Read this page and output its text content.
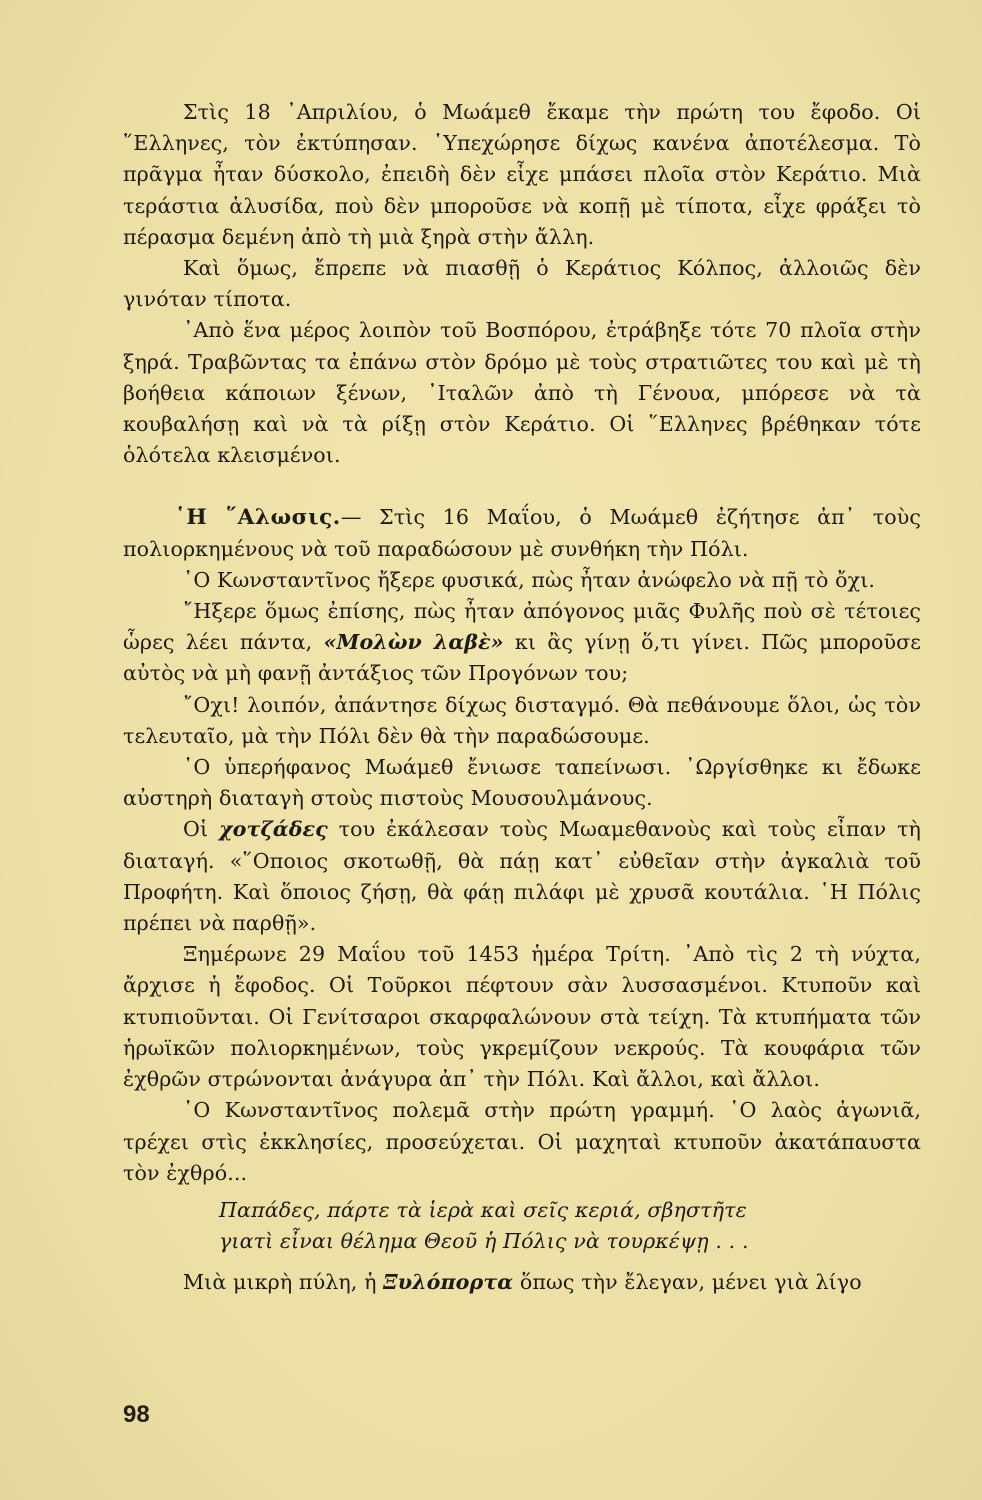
Στὶς 18 ᾿Απριλίου, ὁ Μωάμεθ ἔκαμε τὴν πρώτη του ἔφοδο. Οἱ ῞Ελληνες, τὸν ἐκτύπησαν. ῾Υπεχώρησε δίχως κανένα ἀποτέλεσμα. Τὸ πρᾶγμα ἦταν δύσκολο, ἐπειδὴ δὲν εἶχε μπάσει πλοῖα στὸν Κεράτιο. Μιὰ τεράστια ἁλυσίδα, ποὺ δὲν μποροῦσε νὰ κοπῇ μὲ τίποτα, εἶχε φράξει τὸ πέρασμα δεμένη ἀπὸ τὴ μιὰ ξηρὰ στὴν ἄλλη.

Καὶ ὅμως, ἔπρεπε νὰ πιασθῇ ὁ Κεράτιος Κόλπος, ἀλλοιῶς δὲν γινόταν τίποτα.

᾿Απὸ ἕνα μέρος λοιπὸν τοῦ Βοσπόρου, ἐτράβηξε τότε 70 πλοῖα στὴν ξηρά. Τραβῶντας τα ἐπάνω στὸν δρόμο μὲ τοὺς στρατιῶτες του καὶ μὲ τὴ βοήθεια κάποιων ξένων, ᾿Ιταλῶν ἀπὸ τὴ Γένουα, μπόρεσε νὰ τὰ κουβαλήσῃ καὶ νὰ τὰ ρίξῃ στὸν Κεράτιο. Οἱ ῞Ελληνες βρέθηκαν τότε ὁλότελα κλεισμένοι.

῾Η ῞Αλωσις.— Στὶς 16 Μαΐου, ὁ Μωάμεθ ἐζήτησε ἀπ᾿ τοὺς πολιορκημένους νὰ τοῦ παραδώσουν μὲ συνθήκη τὴν Πόλι.

῾Ο Κωνσταντῖνος ἤξερε φυσικά, πὼς ἦταν ἀνώφελο νὰ πῇ τὸ ὄχι.

῎Ηξερε ὅμως ἐπίσης, πὼς ἦταν ἀπόγονος μιᾶς Φυλῆς ποὺ σὲ τέτοιες ὧρες λέει πάντα, «Μολὼν λαβὲ» κι ἂς γίνῃ ὅ,τι γίνει. Πῶς μποροῦσε αὐτὸς νὰ μὴ φανῇ ἀντάξιος τῶν Προγόνων του;

῎Οχι! λοιπόν, ἀπάντησε δίχως δισταγμό. Θὰ πεθάνουμε ὅλοι, ὡς τὸν τελευταῖο, μὰ τὴν Πόλι δὲν θὰ τὴν παραδώσουμε.

῾Ο ὑπερήφανος Μωάμεθ ἔνιωσε ταπείνωσι. ᾿Ωργίσθηκε κι ἔδωκε αὐστηρὴ διαταγὴ στοὺς πιστοὺς Μουσουλμάνους.

Οἱ χοτζάδες του ἐκάλεσαν τοὺς Μωαμεθανοὺς καὶ τοὺς εἶπαν τὴ διαταγή. «῞Οποιος σκοτωθῇ, θὰ πάῃ κατ᾿ εὐθεῖαν στὴν ἀγκαλιὰ τοῦ Προφήτη. Καὶ ὅποιος ζήσῃ, θὰ φάῃ πιλάφι μὲ χρυσᾶ κουτάλια. ῾Η Πόλις πρέπει νὰ παρθῇ».

Ξημέρωνε 29 Μαΐου τοῦ 1453 ἡμέρα Τρίτη. ᾿Απὸ τὶς 2 τὴ νύχτα, ἄρχισε ἡ ἔφοδος. Οἱ Τοῦρκοι πέφτουν σὰν λυσσασμένοι. Κτυποῦν καὶ κτυπιοῦνται. Οἱ Γενίτσαροι σκαρφαλώνουν στὰ τείχη. Τὰ κτυπήματα τῶν ἡρωϊκῶν πολιορκημένων, τοὺς γκρεμίζουν νεκρούς. Τὰ κουφάρια τῶν ἐχθρῶν στρώνονται ἀνάγυρα ἀπ᾿ τὴν Πόλι. Καὶ ἄλλοι, καὶ ἄλλοι.

῾Ο Κωνσταντῖνος πολεμᾶ στὴν πρώτη γραμμή. ῾Ο λαὸς ἀγωνιᾶ, τρέχει στὶς ἐκκλησίες, προσεύχεται. Οἱ μαχηταὶ κτυποῦν ἀκατάπαυστα τὸν ἐχθρό...

Παπάδες, πάρτε τὰ ἱερὰ καὶ σεῖς κεριά, σβηστῆτε
γιατὶ εἶναι θέλημα Θεοῦ ἡ Πόλις νὰ τουρκέψῃ . . .

Μιὰ μικρὴ πύλη, ἡ Ξυλόπορτα ὅπως τὴν ἔλεγαν, μένει γιὰ λίγο

98
